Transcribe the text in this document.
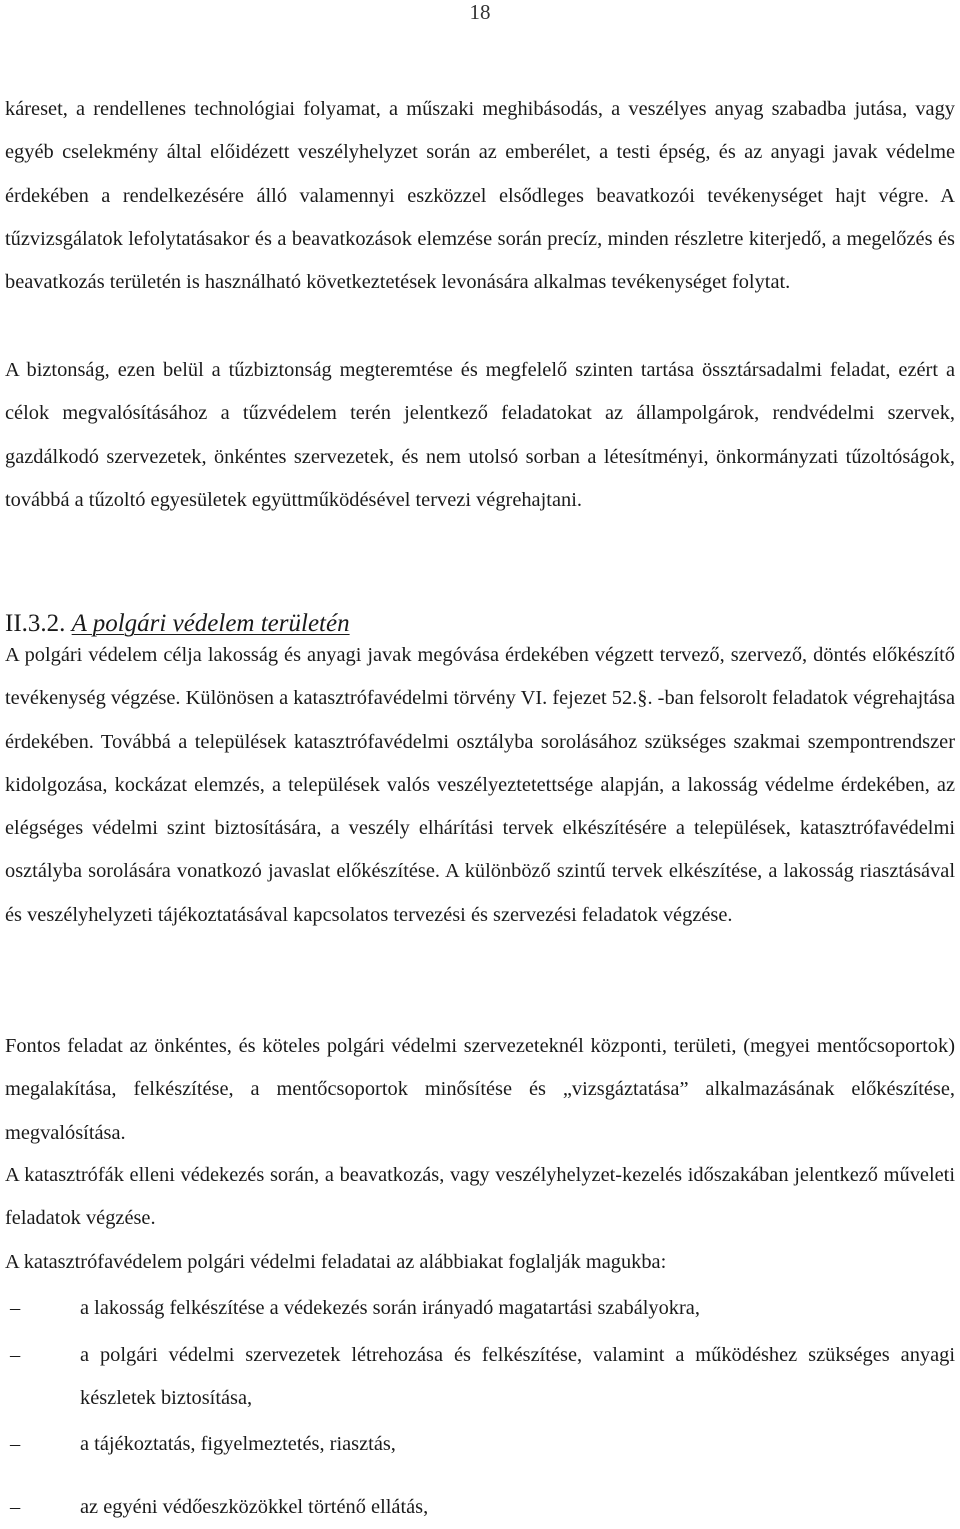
18
káreset, a rendellenes technológiai folyamat, a műszaki meghibásodás, a veszélyes anyag szabadba jutása, vagy egyéb cselekmény által előidézett veszélyhelyzet során az emberélet, a testi épség, és az anyagi javak védelme érdekében a rendelkezésére álló valamennyi eszközzel elsődleges beavatkozói tevékenységet hajt végre. A tűzvizsgálatok lefolytatásakor és a beavatkozások elemzése során precíz, minden részletre kiterjedő, a megelőzés és beavatkozás területén is használható következtetések levonására alkalmas tevékenységet folytat.
A biztonság, ezen belül a tűzbiztonság megteremtése és megfelelő szinten tartása össztársadalmi feladat, ezért a célok megvalósításához a tűzvédelem terén jelentkező feladatokat az állampolgárok, rendvédelmi szervek, gazdálkodó szervezetek, önkéntes szervezetek, és nem utolsó sorban a létesítményi, önkormányzati tűzoltóságok, továbbá a tűzoltó egyesületek együttműködésével tervezi végrehajtani.
II.3.2. A polgári védelem területén
A polgári védelem célja lakosság és anyagi javak megóvása érdekében végzett tervező, szervező, döntés előkészítő tevékenység végzése. Különösen a katasztrófavédelmi törvény VI. fejezet 52.§. -ban felsorolt feladatok végrehajtása érdekében. Továbbá a települések katasztrófavédelmi osztályba sorolásához szükséges szakmai szempontrendszer kidolgozása, kockázat elemzés, a települések valós veszélyeztetettsége alapján, a lakosság védelme érdekében, az elégséges védelmi szint biztosítására, a veszély elhárítási tervek elkészítésére a települések, katasztrófavédelmi osztályba sorolására vonatkozó javaslat előkészítése. A különböző szintű tervek elkészítése, a lakosság riasztásával és veszélyhelyzeti tájékoztatásával kapcsolatos tervezési és szervezési feladatok végzése.
Fontos feladat az önkéntes, és köteles polgári védelmi szervezeteknél központi, területi, (megyei mentőcsoportok) megalakítása, felkészítése, a mentőcsoportok minősítése és „vizsgáztatása” alkalmazásának előkészítése, megvalósítása.
A katasztrófák elleni védekezés során, a beavatkozás, vagy veszélyhelyzet-kezelés időszakában jelentkező műveleti feladatok végzése.
A katasztrófavédelem polgári védelmi feladatai az alábbiakat foglalják magukba:
–	a lakosság felkészítése a védekezés során irányadó magatartási szabályokra,
–	a polgári védelmi szervezetek létrehozása és felkészítése, valamint a működéshez szükséges anyagi készletek biztosítása,
–	a tájékoztatás, figyelmeztetés, riasztás,
–	az egyéni védőeszközökkel történő ellátás,
